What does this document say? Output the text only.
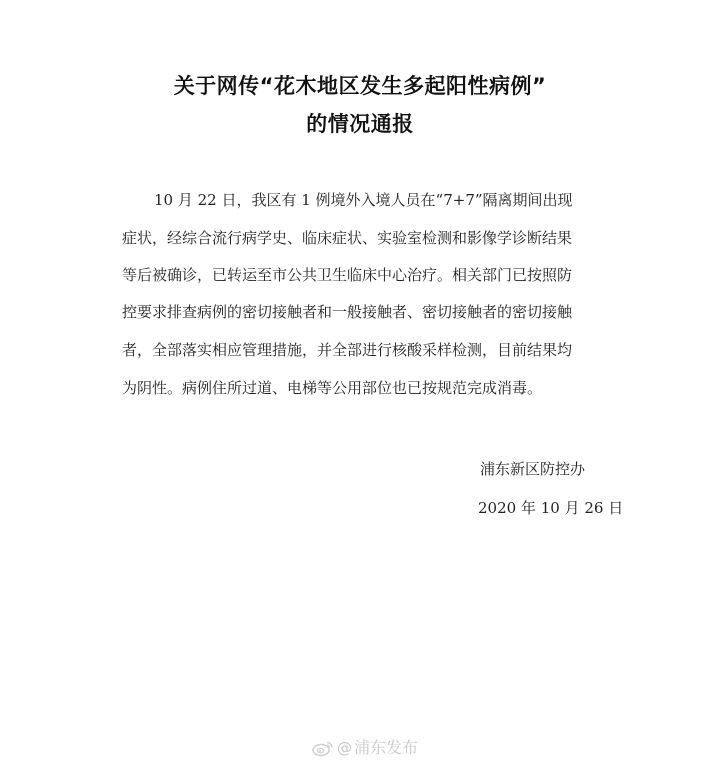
关于网传“花木地区发生多起阳性病例”
的情况通报
10 月 22 日，我区有 1 例境外入境人员在“7+7”隔离期间出现
症状，经综合流行病学史、临床症状、实验室检测和影像学诊断结果
等后被确诊，已转运至市公共卫生临床中心治疗。相关部门已按照防
控要求排查病例的密切接触者和一般接触者、密切接触者的密切接触
者，全部落实相应管理措施，并全部进行核酸采样检测，目前结果均
为阴性。病例住所过道、电梯等公用部位也已按规范完成消毒。
浦东新区防控办
2020 年 10 月 26 日
@ 浦东发布
